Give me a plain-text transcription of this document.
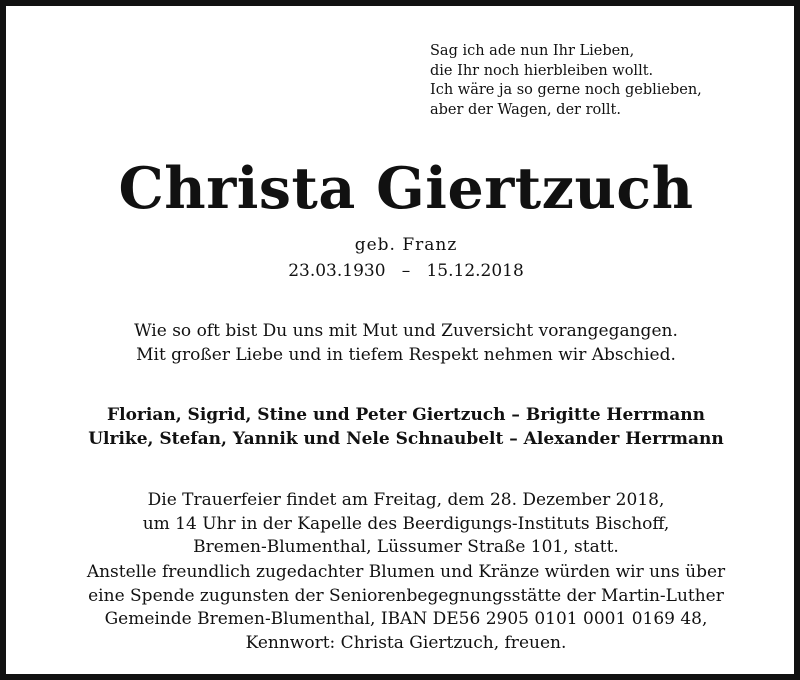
Sag ich ade nun Ihr Lieben,
die Ihr noch hierbleiben wollt.
Ich wäre ja so gerne noch geblieben,
aber der Wagen, der rollt.
Christa Giertzuch
geb. Franz
23.03.1930   –   15.12.2018
Wie so oft bist Du uns mit Mut und Zuversicht vorangegangen.
Mit großer Liebe und in tiefem Respekt nehmen wir Abschied.
Florian, Sigrid, Stine und Peter Giertzuch – Brigitte Herrmann
Ulrike, Stefan, Yannik und Nele Schnaubelt – Alexander Herrmann
Die Trauerfeier findet am Freitag, dem 28. Dezember 2018,
um 14 Uhr in der Kapelle des Beerdigungs-Instituts Bischoff,
Bremen-Blumenthal, Lüssumer Straße 101, statt.
Anstelle freundlich zugedachter Blumen und Kränze würden wir uns über
eine Spende zugunsten der Seniorenbegegnungsstätte der Martin-Luther
Gemeinde Bremen-Blumenthal, IBAN DE56 2905 0101 0001 0169 48,
Kennwort: Christa Giertzuch, freuen.
